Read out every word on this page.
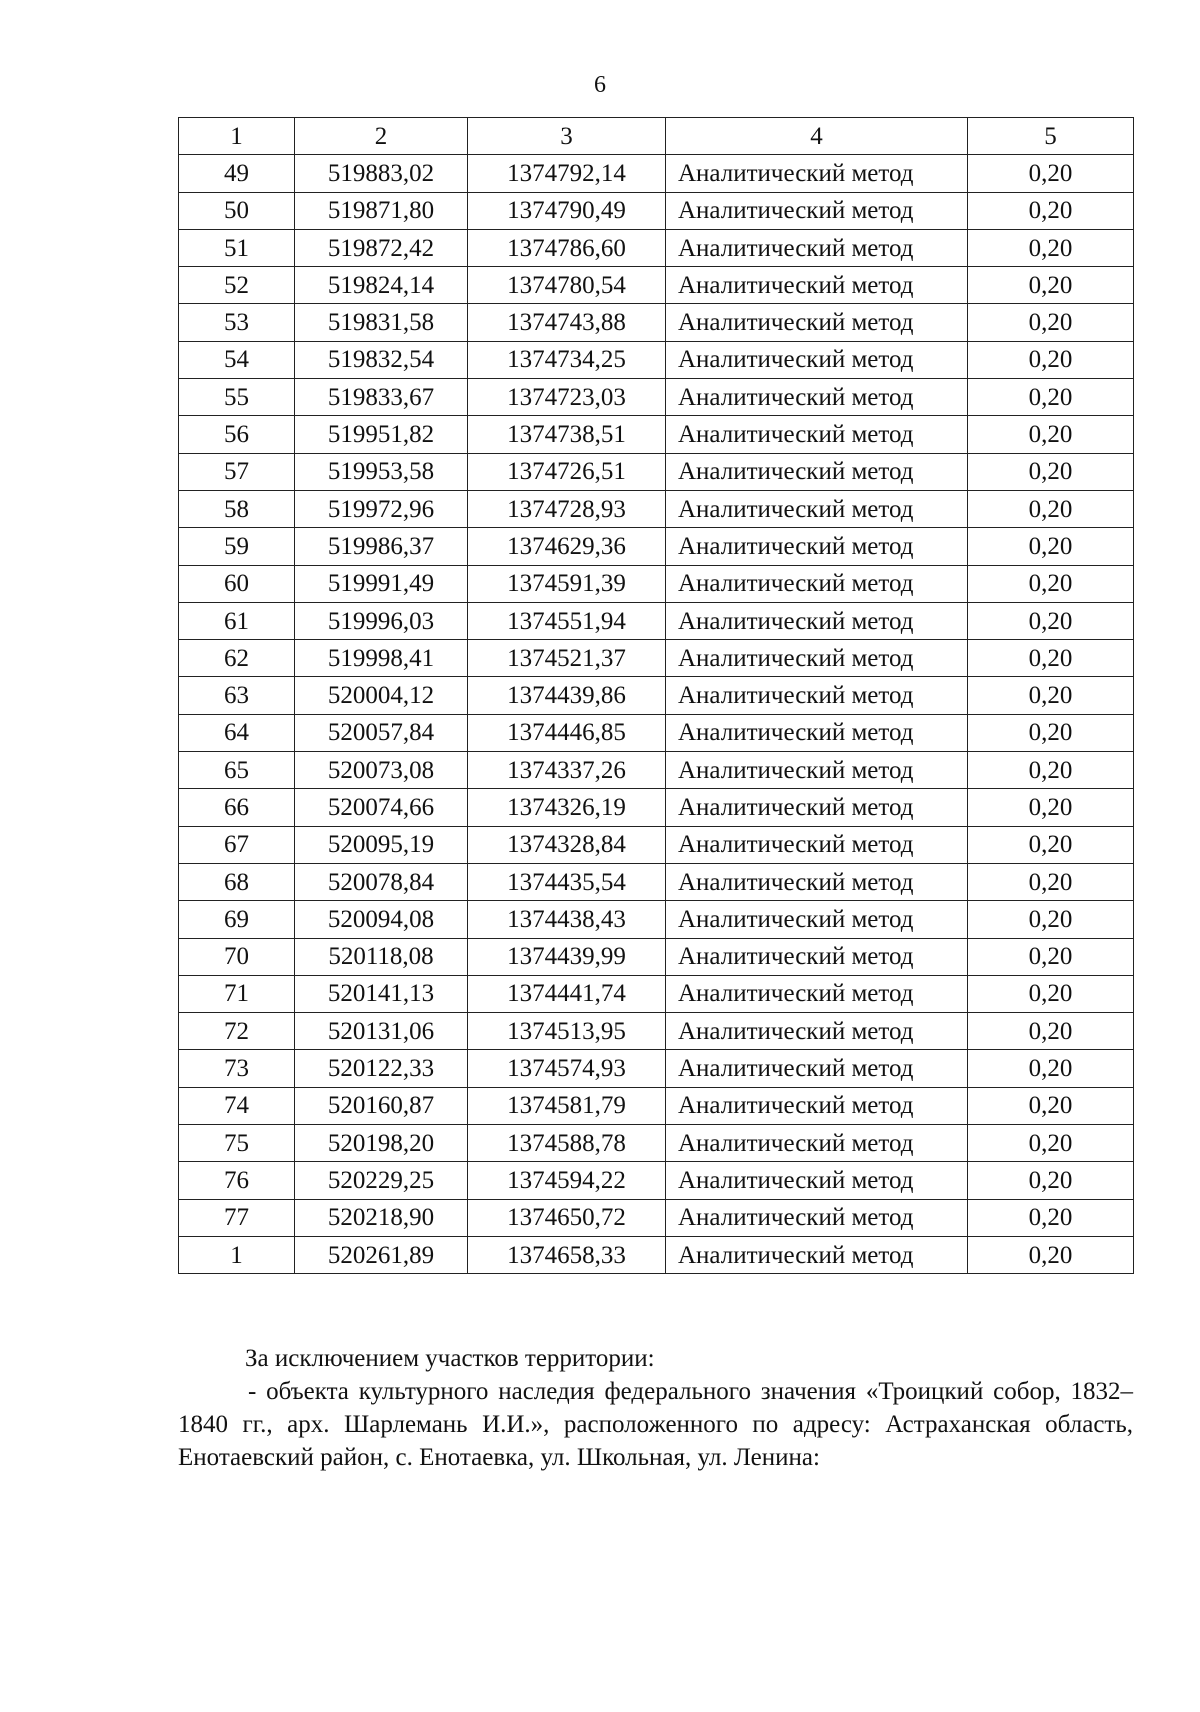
6
1	2	3	4	5
49	519883,02	1374792,14	Аналитический метод	0,20
50	519871,80	1374790,49	Аналитический метод	0,20
51	519872,42	1374786,60	Аналитический метод	0,20
52	519824,14	1374780,54	Аналитический метод	0,20
53	519831,58	1374743,88	Аналитический метод	0,20
54	519832,54	1374734,25	Аналитический метод	0,20
55	519833,67	1374723,03	Аналитический метод	0,20
56	519951,82	1374738,51	Аналитический метод	0,20
57	519953,58	1374726,51	Аналитический метод	0,20
58	519972,96	1374728,93	Аналитический метод	0,20
59	519986,37	1374629,36	Аналитический метод	0,20
60	519991,49	1374591,39	Аналитический метод	0,20
61	519996,03	1374551,94	Аналитический метод	0,20
62	519998,41	1374521,37	Аналитический метод	0,20
63	520004,12	1374439,86	Аналитический метод	0,20
64	520057,84	1374446,85	Аналитический метод	0,20
65	520073,08	1374337,26	Аналитический метод	0,20
66	520074,66	1374326,19	Аналитический метод	0,20
67	520095,19	1374328,84	Аналитический метод	0,20
68	520078,84	1374435,54	Аналитический метод	0,20
69	520094,08	1374438,43	Аналитический метод	0,20
70	520118,08	1374439,99	Аналитический метод	0,20
71	520141,13	1374441,74	Аналитический метод	0,20
72	520131,06	1374513,95	Аналитический метод	0,20
73	520122,33	1374574,93	Аналитический метод	0,20
74	520160,87	1374581,79	Аналитический метод	0,20
75	520198,20	1374588,78	Аналитический метод	0,20
76	520229,25	1374594,22	Аналитический метод	0,20
77	520218,90	1374650,72	Аналитический метод	0,20
1	520261,89	1374658,33	Аналитический метод	0,20

За исключением участков территории:

- объекта культурного наследия федерального значения «Троицкий собор, 1832–1840 гг., арх. Шарлемань И.И.», расположенного по адресу: Астраханская область, Енотаевский район, с. Енотаевка, ул. Школьная, ул. Ленина:
